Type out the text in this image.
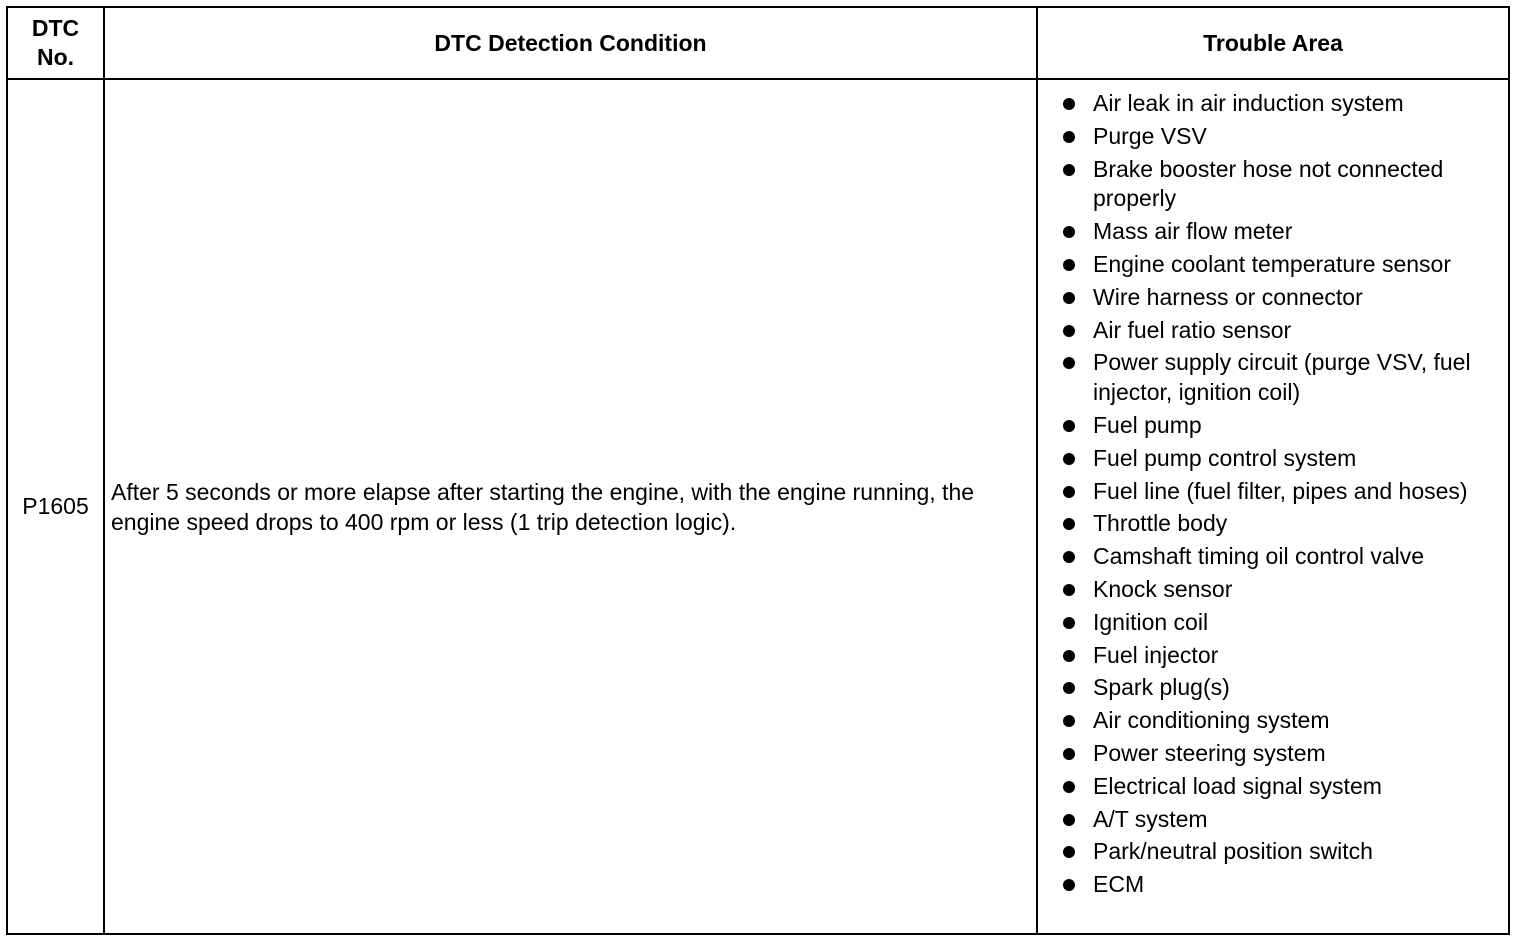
DTC
No.
DTC Detection Condition	Trouble Area
P1605
After 5 seconds or more elapse after starting the engine, with the engine running, the engine speed drops to 400 rpm or less (1 trip detection logic).
Air leak in air induction system
Purge VSV
Brake booster hose not connected properly
Mass air flow meter
Engine coolant temperature sensor
Wire harness or connector
Air fuel ratio sensor
Power supply circuit (purge VSV, fuel injector, ignition coil)
Fuel pump
Fuel pump control system
Fuel line (fuel filter, pipes and hoses)
Throttle body
Camshaft timing oil control valve
Knock sensor
Ignition coil
Fuel injector
Spark plug(s)
Air conditioning system
Power steering system
Electrical load signal system
A/T system
Park/neutral position switch
ECM
